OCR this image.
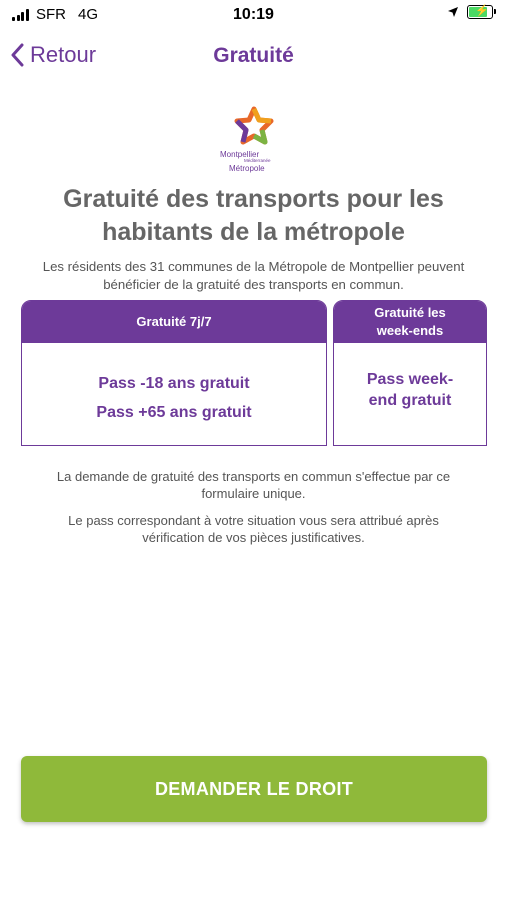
SFR 4G	10:19	⚡
Retour	Gratuité
Montpellier
Méditerranée
Métropole
Gratuité des transports pour les
habitants de la métropole
Les résidents des 31 communes de la Métropole de Montpellier peuvent
bénéficier de la gratuité des transports en commun.
Gratuité 7j/7
Pass -18 ans gratuit
Pass +65 ans gratuit
Gratuité les
week-ends
Pass week-
end gratuit
La demande de gratuité des transports en commun s'effectue par ce
formulaire unique.
Le pass correspondant à votre situation vous sera attribué après
vérification de vos pièces justificatives.
DEMANDER LE DROIT
